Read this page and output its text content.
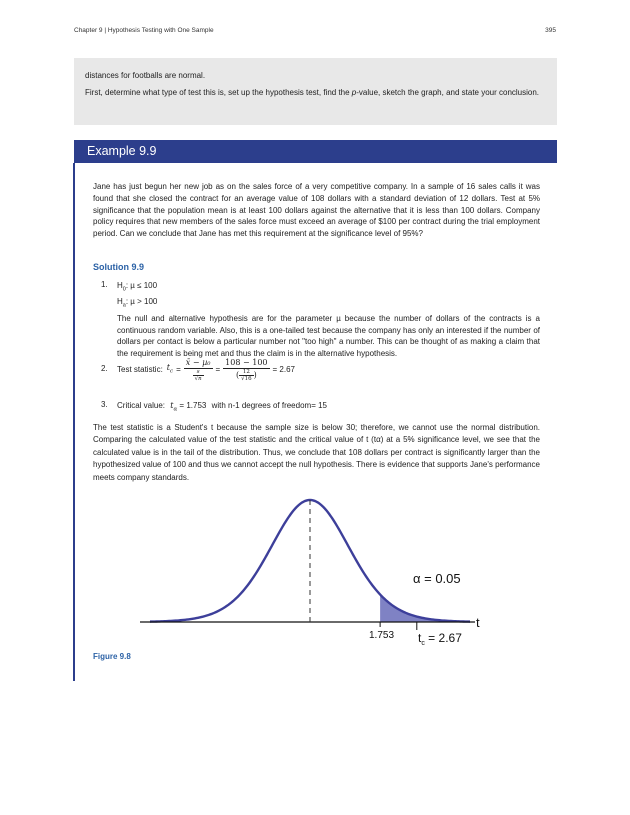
Chapter 9 | Hypothesis Testing with One Sample	395

distances for footballs are normal.

First, determine what type of test this is, set up the hypothesis test, find the p-value, sketch the graph, and state your conclusion.

Example 9.9
Jane has just begun her new job as on the sales force of a very competitive company. In a sample of 16 sales calls it was found that she closed the contract for an average value of 108 dollars with a standard deviation of 12 dollars. Test at 5% significance that the population mean is at least 100 dollars against the alternative that it is less than 100 dollars. Company policy requires that new members of the sales force must exceed an average of $100 per contract during the trial employment period. Can we conclude that Jane has met this requirement at the significance level of 95%?
Solution 9.9
1. $H_0$: µ ≤ 100
$H_a$: µ > 100
The null and alternative hypothesis are for the parameter µ because the number of dollars of the contracts is a continuous random variable. Also, this is a one-tailed test because the company has only an interested if the number of dollars per contact is below a particular number not "too high" a number. This can be thought of as making a claim that the requirement is being met and thus the claim is in the alternative hypothesis.
2. Test statistic: $t_c = \frac{\text{x̄ − µ₀}}{\frac{s}{√n}} = \frac{108 - 100}{( \frac{12}{√16} )} = 2.67$
3. Critical value: $t_\alpha = 1.753$ with n-1 degrees of freedom= 15
The test statistic is a Student's t because the sample size is below 30; therefore, we cannot use the normal distribution. Comparing the calculated value of the test statistic and the critical value of t (tα) at a 5% significance level, we see that the calculated value is in the tail of the distribution. Thus, we conclude that 108 dollars per contract is significantly larger than the hypothesized value of 100 and thus we cannot accept the null hypothesis. There is evidence that supports Jane's performance meets company standards.
α = 0.05
t
1.753 $t_c = 2.67$
Figure 9.8
